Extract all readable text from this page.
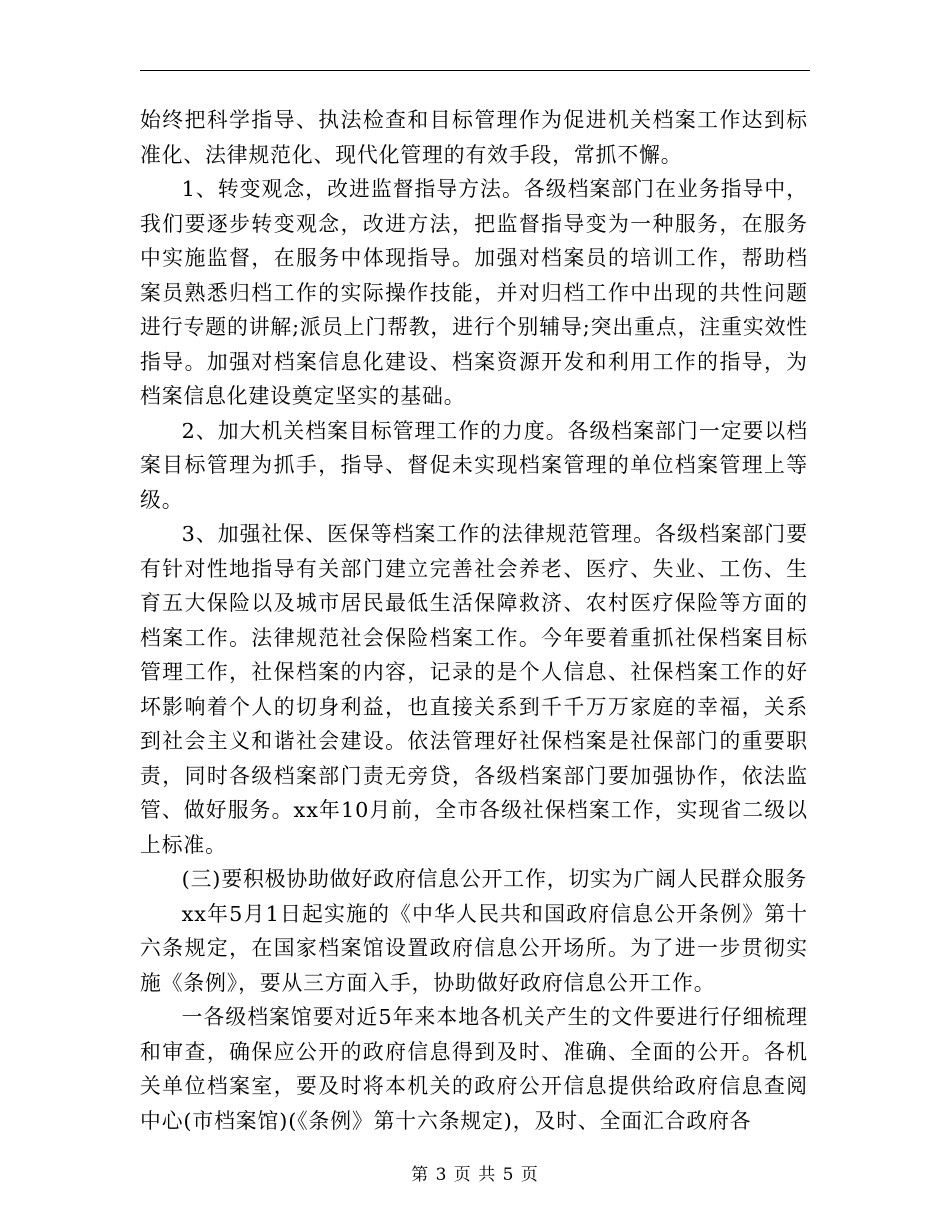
始终把科学指导、执法检查和目标管理作为促进机关档案工作达到标准化、法律规范化、现代化管理的有效手段，常抓不懈。

1、转变观念，改进监督指导方法。各级档案部门在业务指导中，我们要逐步转变观念，改进方法，把监督指导变为一种服务，在服务中实施监督，在服务中体现指导。加强对档案员的培训工作，帮助档案员熟悉归档工作的实际操作技能，并对归档工作中出现的共性问题进行专题的讲解;派员上门帮教，进行个别辅导;突出重点，注重实效性指导。加强对档案信息化建设、档案资源开发和利用工作的指导，为档案信息化建设奠定坚实的基础。

2、加大机关档案目标管理工作的力度。各级档案部门一定要以档案目标管理为抓手，指导、督促未实现档案管理的单位档案管理上等级。

3、加强社保、医保等档案工作的法律规范管理。各级档案部门要有针对性地指导有关部门建立完善社会养老、医疗、失业、工伤、生育五大保险以及城市居民最低生活保障救济、农村医疗保险等方面的档案工作。法律规范社会保险档案工作。今年要着重抓社保档案目标管理工作，社保档案的内容，记录的是个人信息、社保档案工作的好坏影响着个人的切身利益，也直接关系到千千万万家庭的幸福，关系到社会主义和谐社会建设。依法管理好社保档案是社保部门的重要职责，同时各级档案部门责无旁贷，各级档案部门要加强协作，依法监管、做好服务。xx年10月前，全市各级社保档案工作，实现省二级以上标准。

(三)要积极协助做好政府信息公开工作，切实为广阔人民群众服务

xx年5月1日起实施的《中华人民共和国政府信息公开条例》第十六条规定，在国家档案馆设置政府信息公开场所。为了进一步贯彻实施《条例》，要从三方面入手，协助做好政府信息公开工作。

一各级档案馆要对近5年来本地各机关产生的文件要进行仔细梳理和审查，确保应公开的政府信息得到及时、准确、全面的公开。各机关单位档案室，要及时将本机关的政府公开信息提供给政府信息查阅中心(市档案馆)(《条例》第十六条规定)，及时、全面汇合政府各

第 3 页 共 5 页
